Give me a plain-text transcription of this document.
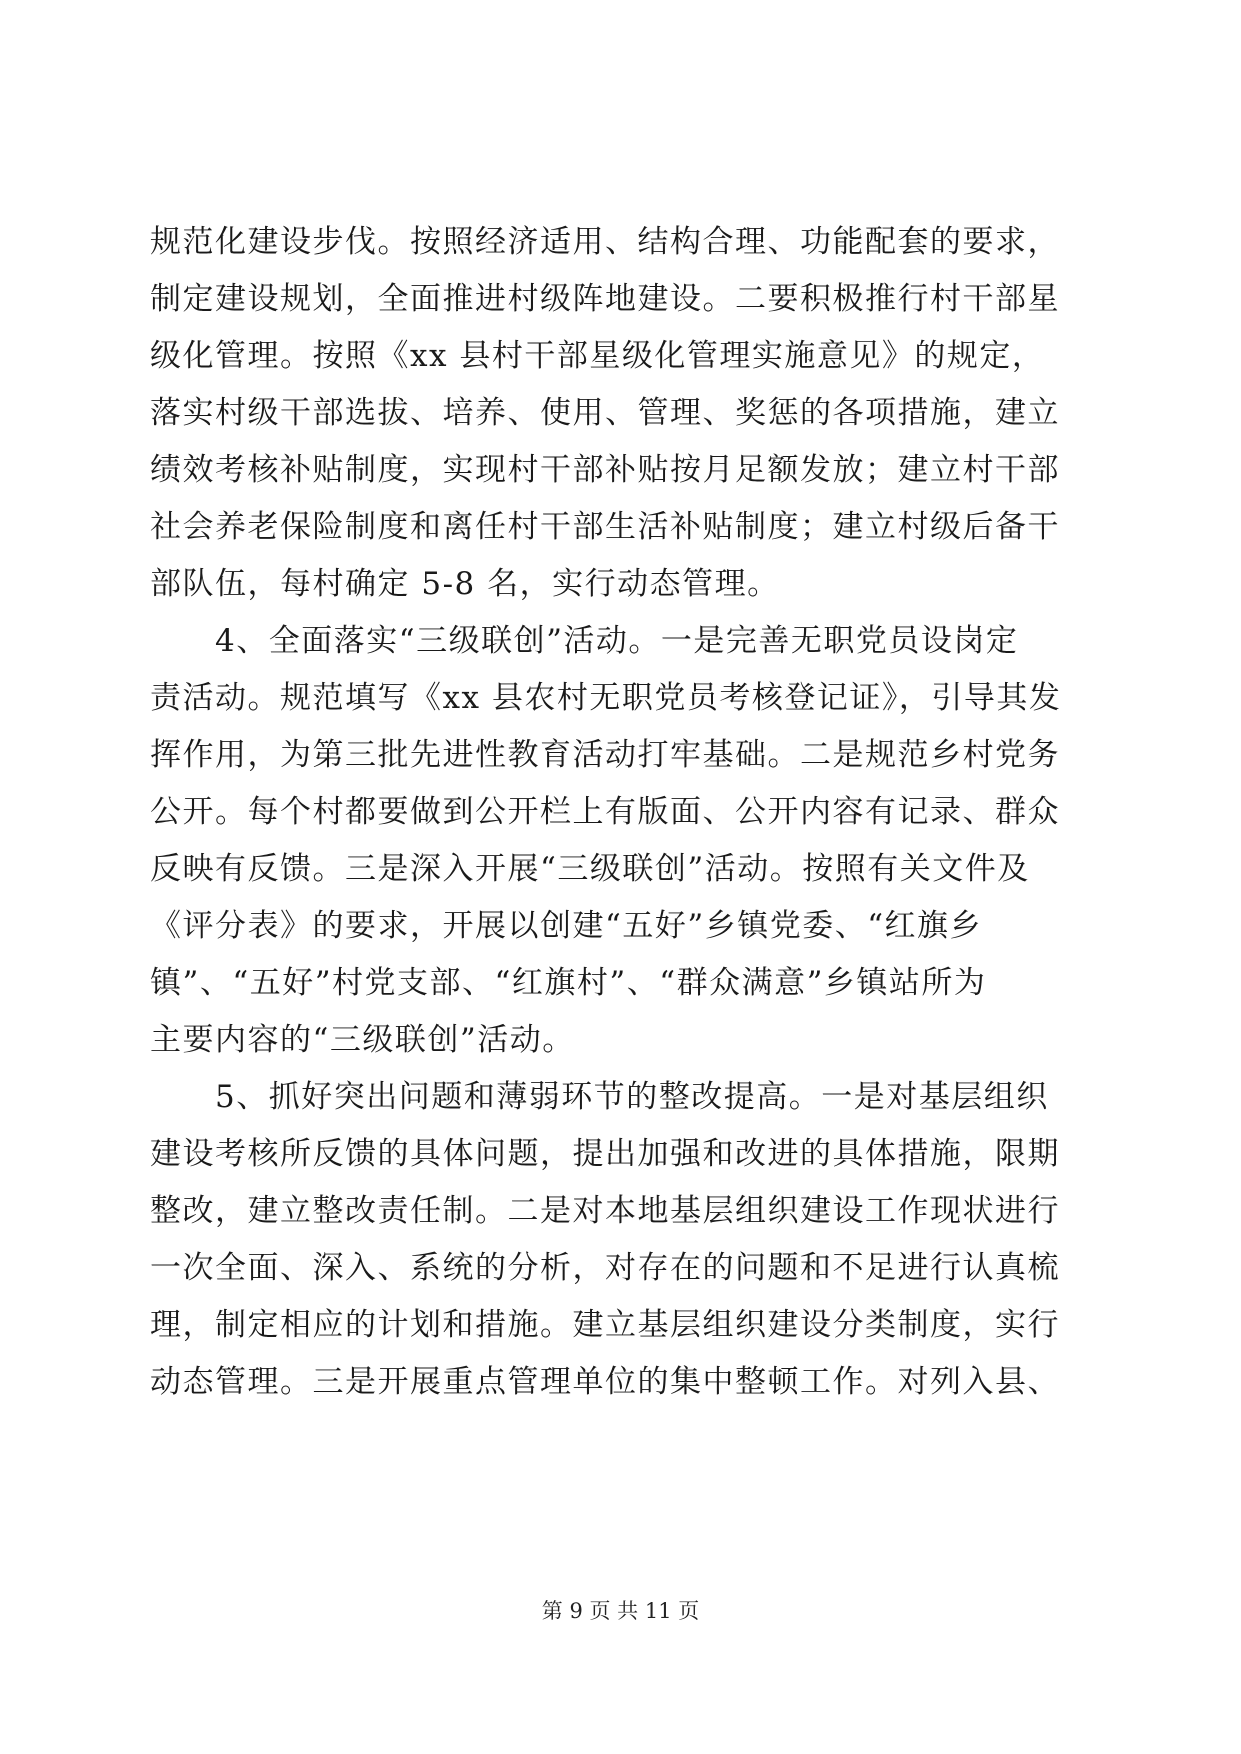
规范化建设步伐。按照经济适用、结构合理、功能配套的要求，
制定建设规划，全面推进村级阵地建设。二要积极推行村干部星
级化管理。按照《xx 县村干部星级化管理实施意见》的规定，
落实村级干部选拔、培养、使用、管理、奖惩的各项措施，建立
绩效考核补贴制度，实现村干部补贴按月足额发放；建立村干部
社会养老保险制度和离任村干部生活补贴制度；建立村级后备干
部队伍，每村确定 5-8 名，实行动态管理。
4、全面落实“三级联创”活动。一是完善无职党员设岗定
责活动。规范填写《xx 县农村无职党员考核登记证》，引导其发
挥作用，为第三批先进性教育活动打牢基础。二是规范乡村党务
公开。每个村都要做到公开栏上有版面、公开内容有记录、群众
反映有反馈。三是深入开展“三级联创”活动。按照有关文件及
《评分表》的要求，开展以创建“五好”乡镇党委、“红旗乡
镇”、“五好”村党支部、“红旗村”、“群众满意”乡镇站所为
主要内容的“三级联创”活动。
5、抓好突出问题和薄弱环节的整改提高。一是对基层组织
建设考核所反馈的具体问题，提出加强和改进的具体措施，限期
整改，建立整改责任制。二是对本地基层组织建设工作现状进行
一次全面、深入、系统的分析，对存在的问题和不足进行认真梳
理，制定相应的计划和措施。建立基层组织建设分类制度，实行
动态管理。三是开展重点管理单位的集中整顿工作。对列入县、
第 9 页 共 11 页
